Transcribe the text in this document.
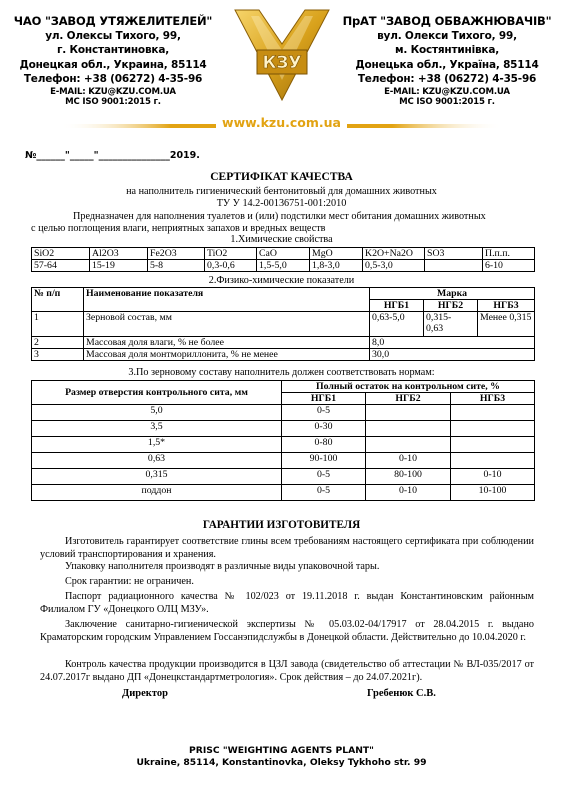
ЧАО "ЗАВОД УТЯЖЕЛИТЕЛЕЙ"
ул. Олексы Тихого, 99,
г. Константиновка,
Донецкая обл., Украина, 85114
Телефон: +38 (06272) 4-35-96
E-MAIL: KZU@KZU.COM.UA
MC ISO 9001:2015 г.
КЗУ
ПрАТ "ЗАВОД ОБВАЖНЮВАЧІВ"
вул. Олекси Тихого, 99,
м. Костянтинівка,
Донецька обл., Україна, 85114
Телефон: +38 (06272) 4-35-96
E-MAIL: KZU@KZU.COM.UA
MC ISO 9001:2015 г.
www.kzu.com.ua
№______"_____"_______________2019.
СЕРТИФІКАТ КАЧЕСТВА
на наполнитель гигиенический бентонитовый для домашних животных
ТУ У 14.2-00136751-001:2010
Предназначен для наполнения туалетов и (или) подстилки мест обитания домашних животных
с целью поглощения влаги, неприятных запахов и вредных веществ
1.Химические свойства
SiO2	Al2O3	Fe2O3	TiO2	CaO	MgO	K2O+Na2O	SO3	П.п.п.
57-64	15-19	5-8	0,3-0,6	1,5-5,0	1,8-3,0	0,5-3,0		6-10
2.Физико-химические показатели
№ п/п	Наименование показателя	Марка		
		НГБ1	НГБ2	НГБ3
1	Зерновой состав, мм	0,63-5,0	0,315-
0,63	Менее 0,315
2	Массовая доля влаги, % не более	8,0		
3	Массовая доля монтмориллонита, % не менее	30,0		
3.По зерновому составу наполнитель должен соответствовать нормам:
Размер отверстия контрольного сита, мм	Полный остаток на контрольном сите, %		
	НГБ1	НГБ2	НГБ3
5,0	0-5		
3,5	0-30		
1,5*	0-80		
0,63	90-100	0-10	
0,315	0-5	80-100	0-10
поддон	0-5	0-10	10-100
ГАРАНТИИ ИЗГОТОВИТЕЛЯ
Изготовитель гарантирует соответствие глины всем требованиям настоящего сертификата при соблюдении условий транспортирования и хранения.
Упаковку наполнителя производят в различные виды упаковочной тары.
Срок гарантии: не ограничен.
Паспорт радиационного качества № 102/023 от 19.11.2018 г. выдан Константиновским районным Филиалом ГУ «Донецкого ОЛЦ МЗУ».
Заключение санитарно-гигиенической экспертизы № 05.03.02-04/17917 от 28.04.2015 г. выдано Краматорским городским Управлением Госсанэпидслужбы в Донецкой области. Действительно до 10.04.2020 г.
Контроль качества продукции производится в ЦЗЛ завода (свидетельство об аттестации № ВЛ-035/2017 от 24.07.2017г выдано ДП «Донецкстандартметрология». Срок действия – до 24.07.2021г).
Директор	Гребенюк С.В.
PRISC "WEIGHTING AGENTS PLANT"
Ukraine, 85114, Konstantinovka, Oleksy Tykhoho str. 99
